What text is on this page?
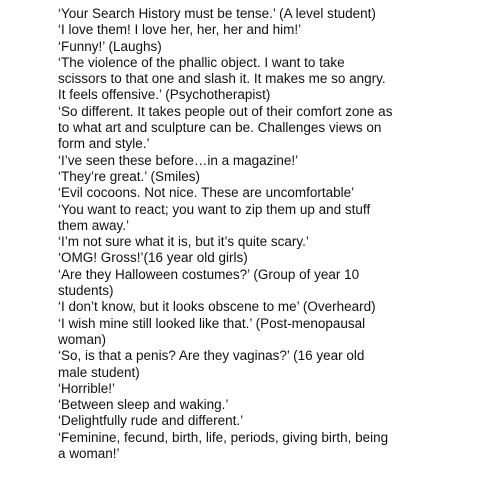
‘Your Search History must be tense.’ (A level student)
‘I love them! I love her, her, her and him!’
‘Funny!’ (Laughs)
‘The violence of the phallic object. I want to take
scissors to that one and slash it. It makes me so angry.
It feels offensive.’ (Psychotherapist)
‘So different. It takes people out of their comfort zone as
to what art and sculpture can be. Challenges views on
form and style.’
‘I’ve seen these before…in a magazine!’
‘They’re great.’ (Smiles)
‘Evil cocoons. Not nice. These are uncomfortable’
‘You want to react; you want to zip them up and stuff
them away.’
‘I’m not sure what it is, but it’s quite scary.’
‘OMG! Gross!’(16 year old girls)
‘Are they Halloween costumes?’ (Group of year 10
students)
‘I don’t know, but it looks obscene to me’ (Overheard)
‘I wish mine still looked like that.’ (Post-menopausal
woman)
‘So, is that a penis? Are they vaginas?’ (16 year old
male student)
‘Horrible!’
‘Between sleep and waking.’
‘Delightfully rude and different.’
‘Feminine, fecund, birth, life, periods, giving birth, being
a woman!’
